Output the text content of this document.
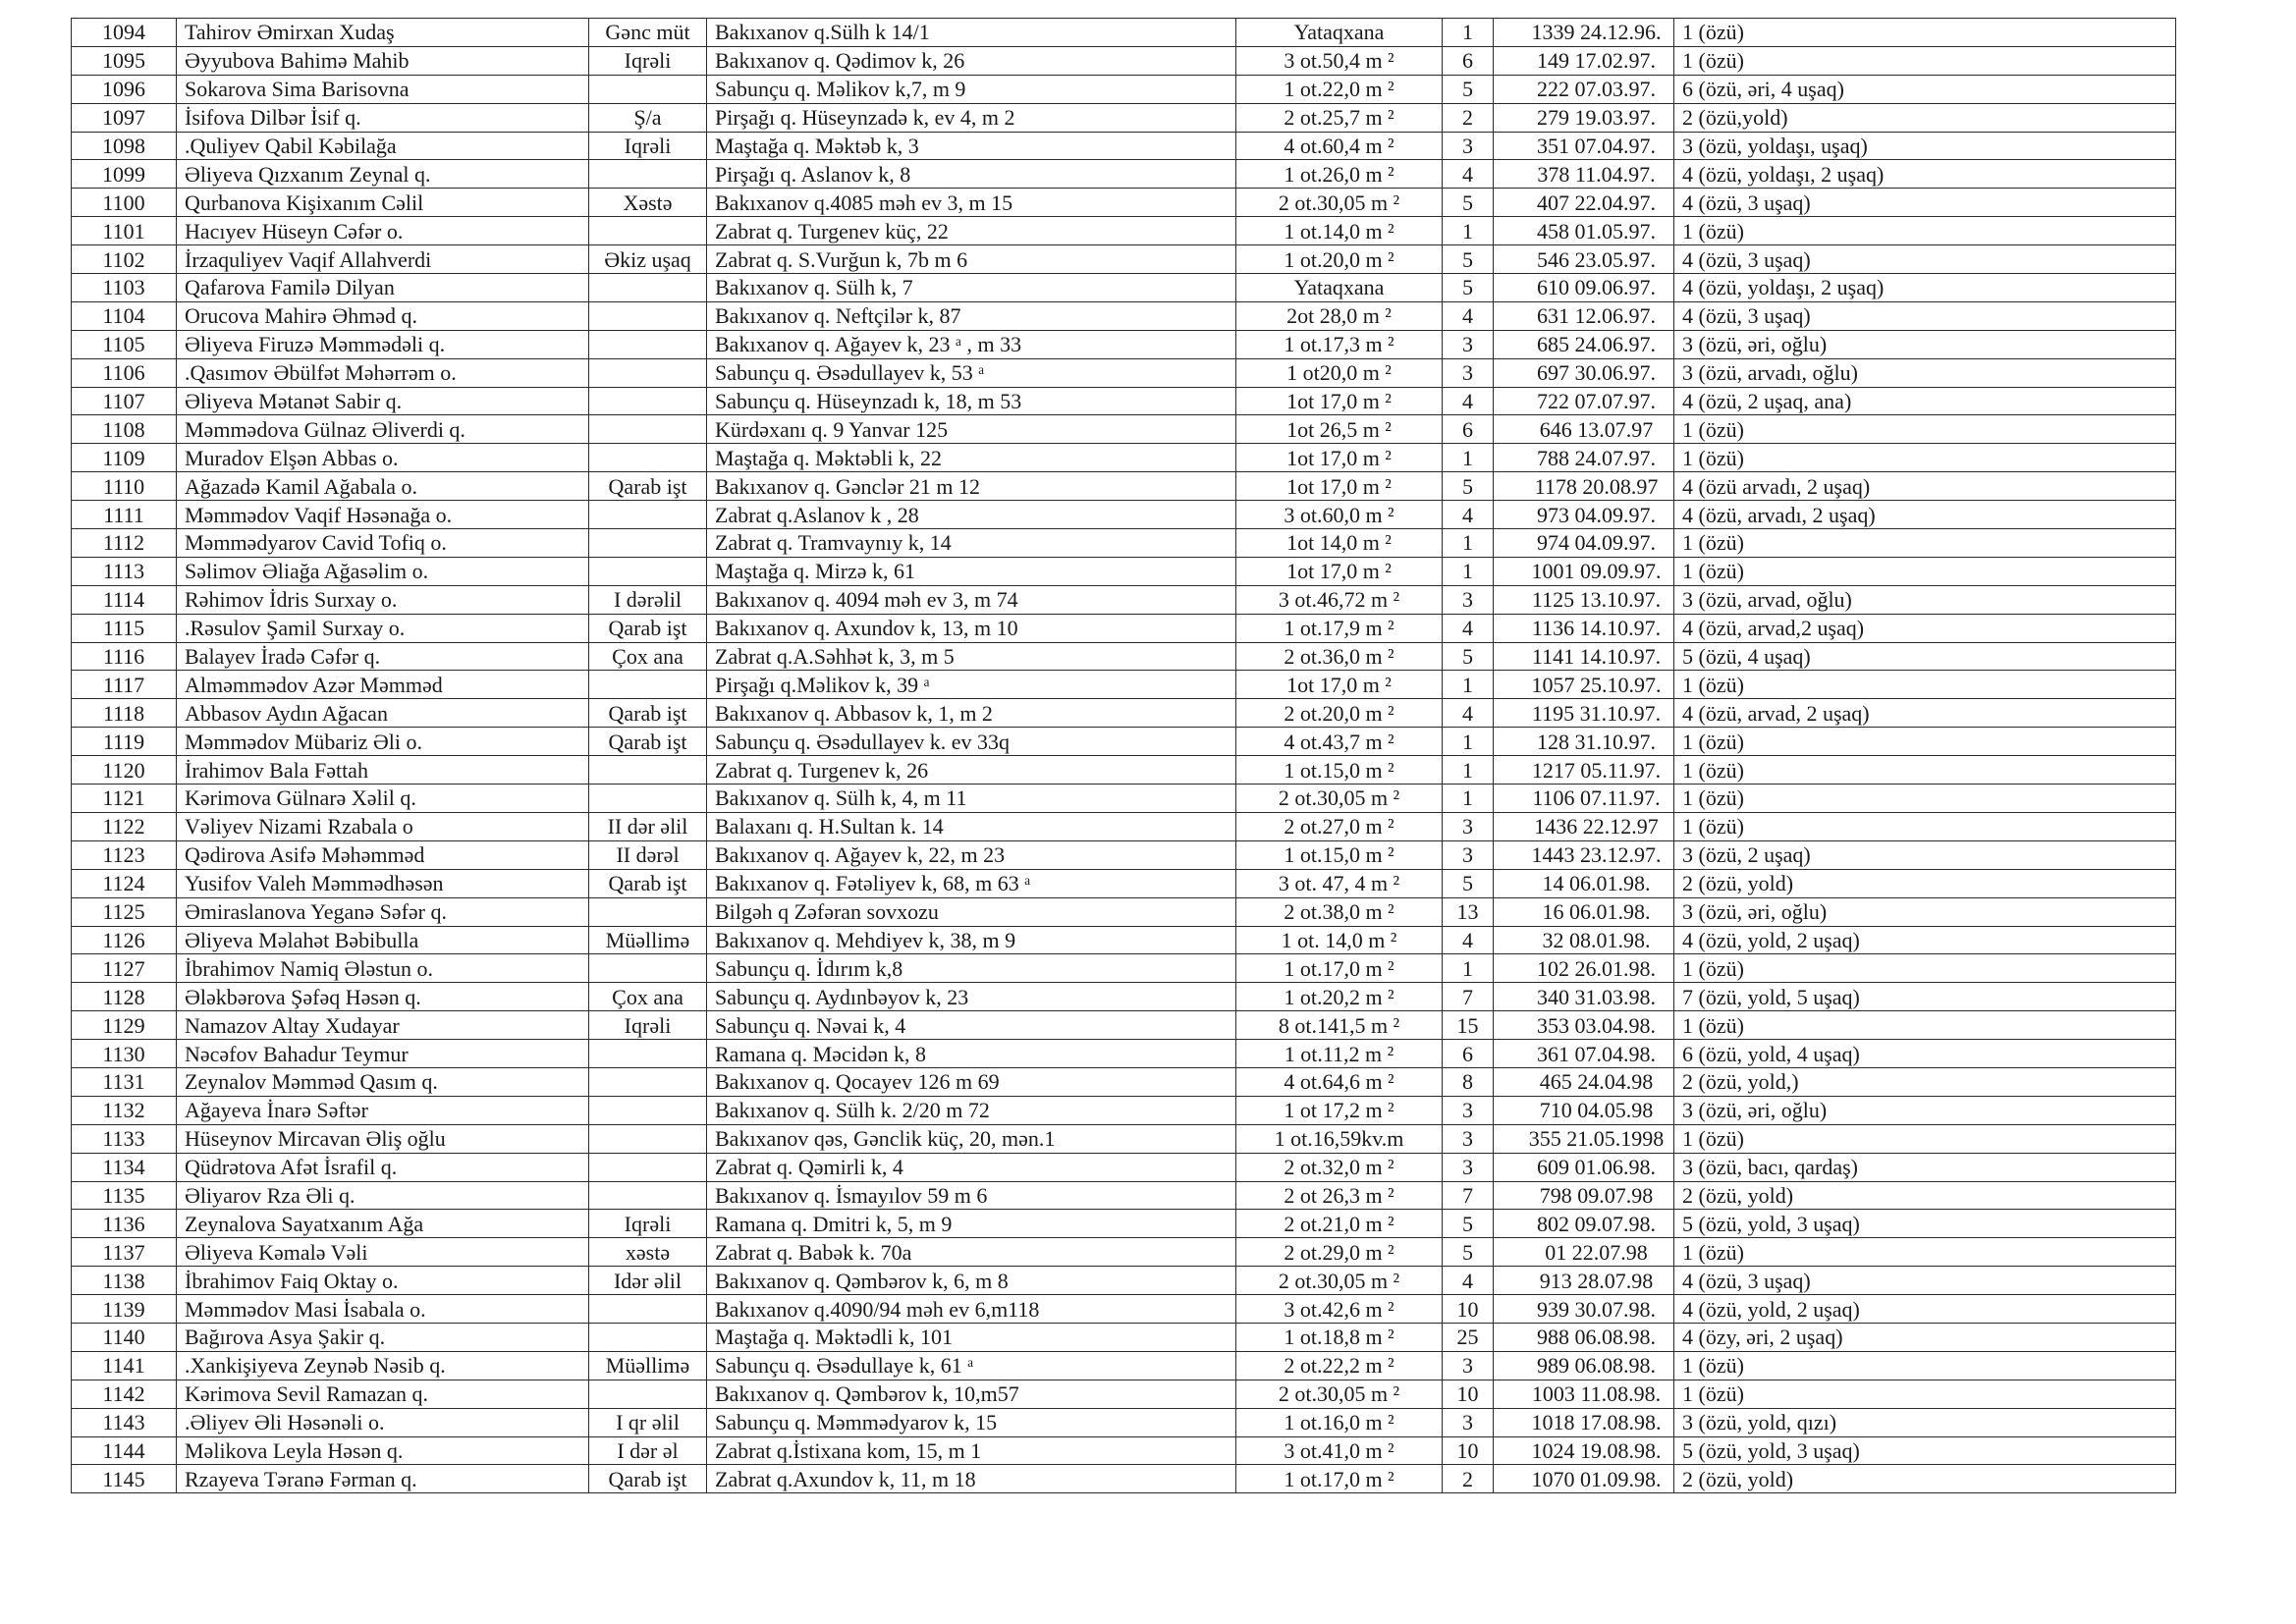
1094	Tahirov Əmirxan Xudaş	Gənc müt	Bakıxanov q.Sülh k 14/1	Yataqxana	1	1339 24.12.96.	1 (özü)
1095	Əyyubova Bahimə Mahib	Iqrəli	Bakıxanov q. Qədimov k, 26	3 ot.50,4 m ²	6	149 17.02.97.	1 (özü)
1096	Sokarova Sima Barisovna		Sabunçu q. Məlikov k,7, m 9	1 ot.22,0 m ²	5	222 07.03.97.	6 (özü, əri, 4 uşaq)
1097	İsifova Dilbər İsif q.	Ş/a	Pirşağı q. Hüseynzadə k, ev 4, m 2	2 ot.25,7 m ²	2	279 19.03.97.	2 (özü,yold)
1098	.Quliyev Qabil Kəbilağa	Iqrəli	Maştağa q. Məktəb k, 3	4 ot.60,4 m ²	3	351 07.04.97.	3 (özü, yoldaşı, uşaq)
1099	Əliyeva Qızxanım Zeynal q.		Pirşağı q. Aslanov k, 8	1 ot.26,0 m ²	4	378 11.04.97.	4 (özü, yoldaşı, 2 uşaq)
1100	Qurbanova Kişixanım Cəlil	Xəstə	Bakıxanov q.4085 məh ev 3, m 15	2 ot.30,05 m ²	5	407 22.04.97.	4 (özü, 3 uşaq)
1101	Hacıyev Hüseyn Cəfər o.		Zabrat q. Turgenev küç, 22	1 ot.14,0 m ²	1	458 01.05.97.	1 (özü)
1102	İrzaquliyev Vaqif Allahverdi	Əkiz uşaq	Zabrat q. S.Vurğun k, 7b m 6	1 ot.20,0 m ²	5	546 23.05.97.	4 (özü, 3 uşaq)
1103	Qafarova Familə Dilyan		Bakıxanov q. Sülh k, 7	Yataqxana	5	610 09.06.97.	4 (özü, yoldaşı, 2 uşaq)
1104	Orucova Mahirə Əhməd q.		Bakıxanov q. Neftçilər k, 87	2ot 28,0 m ²	4	631 12.06.97.	4 (özü, 3 uşaq)
1105	Əliyeva Firuzə Məmmədəli q.		Bakıxanov q. Ağayev k, 23 ᵃ , m 33	1 ot.17,3 m ²	3	685 24.06.97.	3 (özü, əri, oğlu)
1106	.Qasımov Əbülfət Məhərrəm o.		Sabunçu q. Əsədullayev k, 53 ᵃ	1 ot20,0 m ²	3	697 30.06.97.	3 (özü, arvadı, oğlu)
1107	Əliyeva Mətanət Sabir q.		Sabunçu q. Hüseynzadı k, 18, m 53	1ot 17,0 m ²	4	722 07.07.97.	4 (özü, 2 uşaq, ana)
1108	Məmmədova Gülnaz Əliverdi q.		Kürdəxanı q. 9 Yanvar 125	1ot 26,5 m ²	6	646 13.07.97	1 (özü)
1109	Muradov Elşən Abbas o.		Maştağa q. Məktəbli k, 22	1ot 17,0 m ²	1	788 24.07.97.	1 (özü)
1110	Ağazadə Kamil Ağabala o.	Qarab işt	Bakıxanov q. Gənclər 21 m 12	1ot 17,0 m ²	5	1178 20.08.97	4 (özü arvadı, 2 uşaq)
1111	Məmmədov Vaqif Həsənağa o.		Zabrat q.Aslanov k , 28	3 ot.60,0 m ²	4	973 04.09.97.	4 (özü, arvadı, 2 uşaq)
1112	Məmmədyarov Cavid Tofiq o.		Zabrat q. Tramvaynıy k, 14	1ot 14,0 m ²	1	974 04.09.97.	1 (özü)
1113	Səlimov Əliağa Ağasəlim o.		Maştağa q. Mirzə k, 61	1ot 17,0 m ²	1	1001 09.09.97.	1 (özü)
1114	Rəhimov İdris Surxay o.	I dərəlil	Bakıxanov q. 4094 məh ev 3, m 74	3 ot.46,72 m ²	3	1125 13.10.97.	3 (özü, arvad, oğlu)
1115	.Rəsulov Şamil Surxay o.	Qarab işt	Bakıxanov q. Axundov k, 13, m 10	1 ot.17,9 m ²	4	1136 14.10.97.	4 (özü, arvad,2 uşaq)
1116	Balayev İradə Cəfər q.	Çox ana	Zabrat q.A.Səhhət k, 3, m 5	2 ot.36,0 m ²	5	1141 14.10.97.	5 (özü, 4 uşaq)
1117	Alməmmədov Azər Məmməd		Pirşağı q.Məlikov k, 39 ᵃ	1ot 17,0 m ²	1	1057 25.10.97.	1 (özü)
1118	Abbasov Aydın Ağacan	Qarab işt	Bakıxanov q. Abbasov k, 1, m 2	2 ot.20,0 m ²	4	1195 31.10.97.	4 (özü, arvad, 2 uşaq)
1119	Məmmədov Mübariz Əli o.	Qarab işt	Sabunçu q. Əsədullayev k. ev 33q	4 ot.43,7 m ²	1	128 31.10.97.	1 (özü)
1120	İrahimov Bala Fəttah		Zabrat q. Turgenev k, 26	1 ot.15,0 m ²	1	1217 05.11.97.	1 (özü)
1121	Kərimova Gülnarə Xəlil q.		Bakıxanov q. Sülh k, 4, m 11	2 ot.30,05 m ²	1	1106 07.11.97.	1 (özü)
1122	Vəliyev Nizami Rzabala o	II dər əlil	Balaxanı q. H.Sultan k. 14	2 ot.27,0 m ²	3	1436 22.12.97	1 (özü)
1123	Qədirova Asifə Məhəmməd	II dərəl	Bakıxanov q. Ağayev k, 22, m 23	1 ot.15,0 m ²	3	1443 23.12.97.	3 (özü, 2 uşaq)
1124	Yusifov Valeh Məmmədhəsən	Qarab işt	Bakıxanov q. Fətəliyev k, 68, m 63 ᵃ	3 ot. 47, 4 m ²	5	14 06.01.98.	2 (özü, yold)
1125	Əmiraslanova Yeganə Səfər q.		Bilgəh q Zəfəran sovxozu	2 ot.38,0 m ²	13	16 06.01.98.	3 (özü, əri, oğlu)
1126	Əliyeva Məlahət Bəbibulla	Müəllimə	Bakıxanov q. Mehdiyev k, 38, m 9	1 ot. 14,0 m ²	4	32 08.01.98.	4 (özü, yold, 2 uşaq)
1127	İbrahimov Namiq Ələstun o.		Sabunçu q. İdırım k,8	1 ot.17,0 m ²	1	102 26.01.98.	1 (özü)
1128	Ələkbərova Şəfəq Həsən q.	Çox ana	Sabunçu q. Aydınbəyov k, 23	1 ot.20,2 m ²	7	340 31.03.98.	7 (özü, yold, 5 uşaq)
1129	Namazov Altay Xudayar	Iqrəli	Sabunçu q. Nəvai k, 4	8 ot.141,5 m ²	15	353 03.04.98.	1 (özü)
1130	Nəcəfov Bahadur Teymur		Ramana q. Məcidən k, 8	1 ot.11,2 m ²	6	361 07.04.98.	6 (özü, yold, 4 uşaq)
1131	Zeynalov Məmməd Qasım q.		Bakıxanov q. Qocayev 126 m 69	4 ot.64,6 m ²	8	465 24.04.98	2 (özü, yold,)
1132	Ağayeva İnarə Səftər		Bakıxanov q. Sülh k. 2/20 m 72	1 ot 17,2 m ²	3	710 04.05.98	3 (özü, əri, oğlu)
1133	Hüseynov Mircavan Əliş oğlu		Bakıxanov qəs, Gənclik küç, 20, mən.1	1 ot.16,59kv.m	3	355 21.05.1998	1 (özü)
1134	Qüdrətova Afət İsrafil q.		Zabrat q. Qəmirli k, 4	2 ot.32,0 m ²	3	609 01.06.98.	3 (özü, bacı, qardaş)
1135	Əliyarov Rza Əli q.		Bakıxanov q. İsmayılov 59 m 6	2 ot 26,3 m ²	7	798 09.07.98	2 (özü, yold)
1136	Zeynalova Sayatxanım Ağa	Iqrəli	Ramana q. Dmitri k, 5, m 9	2 ot.21,0 m ²	5	802 09.07.98.	5 (özü, yold, 3 uşaq)
1137	Əliyeva Kəmalə Vəli	xəstə	Zabrat q. Babək k. 70a	2 ot.29,0 m ²	5	01 22.07.98	1 (özü)
1138	İbrahimov Faiq Oktay o.	Idər əlil	Bakıxanov q. Qəmbərov k, 6, m 8	2 ot.30,05 m ²	4	913 28.07.98	4 (özü, 3 uşaq)
1139	Məmmədov Masi İsabala o.		Bakıxanov q.4090/94 məh ev 6,m118	3 ot.42,6 m ²	10	939 30.07.98.	4 (özü, yold, 2 uşaq)
1140	Bağırova Asya Şakir q.		Maştağa q. Məktədli k, 101	1 ot.18,8 m ²	25	988 06.08.98.	4 (özy, əri, 2 uşaq)
1141	.Xankişiyeva Zeynəb Nəsib q.	Müəllimə	Sabunçu q. Əsədullaye k, 61 ᵃ	2 ot.22,2 m ²	3	989 06.08.98.	1 (özü)
1142	Kərimova Sevil Ramazan q.		Bakıxanov q. Qəmbərov k, 10,m57	2 ot.30,05 m ²	10	1003 11.08.98.	1 (özü)
1143	.Əliyev Əli Həsənəli o.	I qr əlil	Sabunçu q. Məmmədyarov k, 15	1 ot.16,0 m ²	3	1018 17.08.98.	3 (özü, yold, qızı)
1144	Məlikova Leyla Həsən q.	I dər əl	Zabrat q.İstixana kom, 15, m 1	3 ot.41,0 m ²	10	1024 19.08.98.	5 (özü, yold, 3 uşaq)
1145	Rzayeva Təranə Fərman q.	Qarab işt	Zabrat q.Axundov k, 11, m 18	1 ot.17,0 m ²	2	1070 01.09.98.	2 (özü, yold)
